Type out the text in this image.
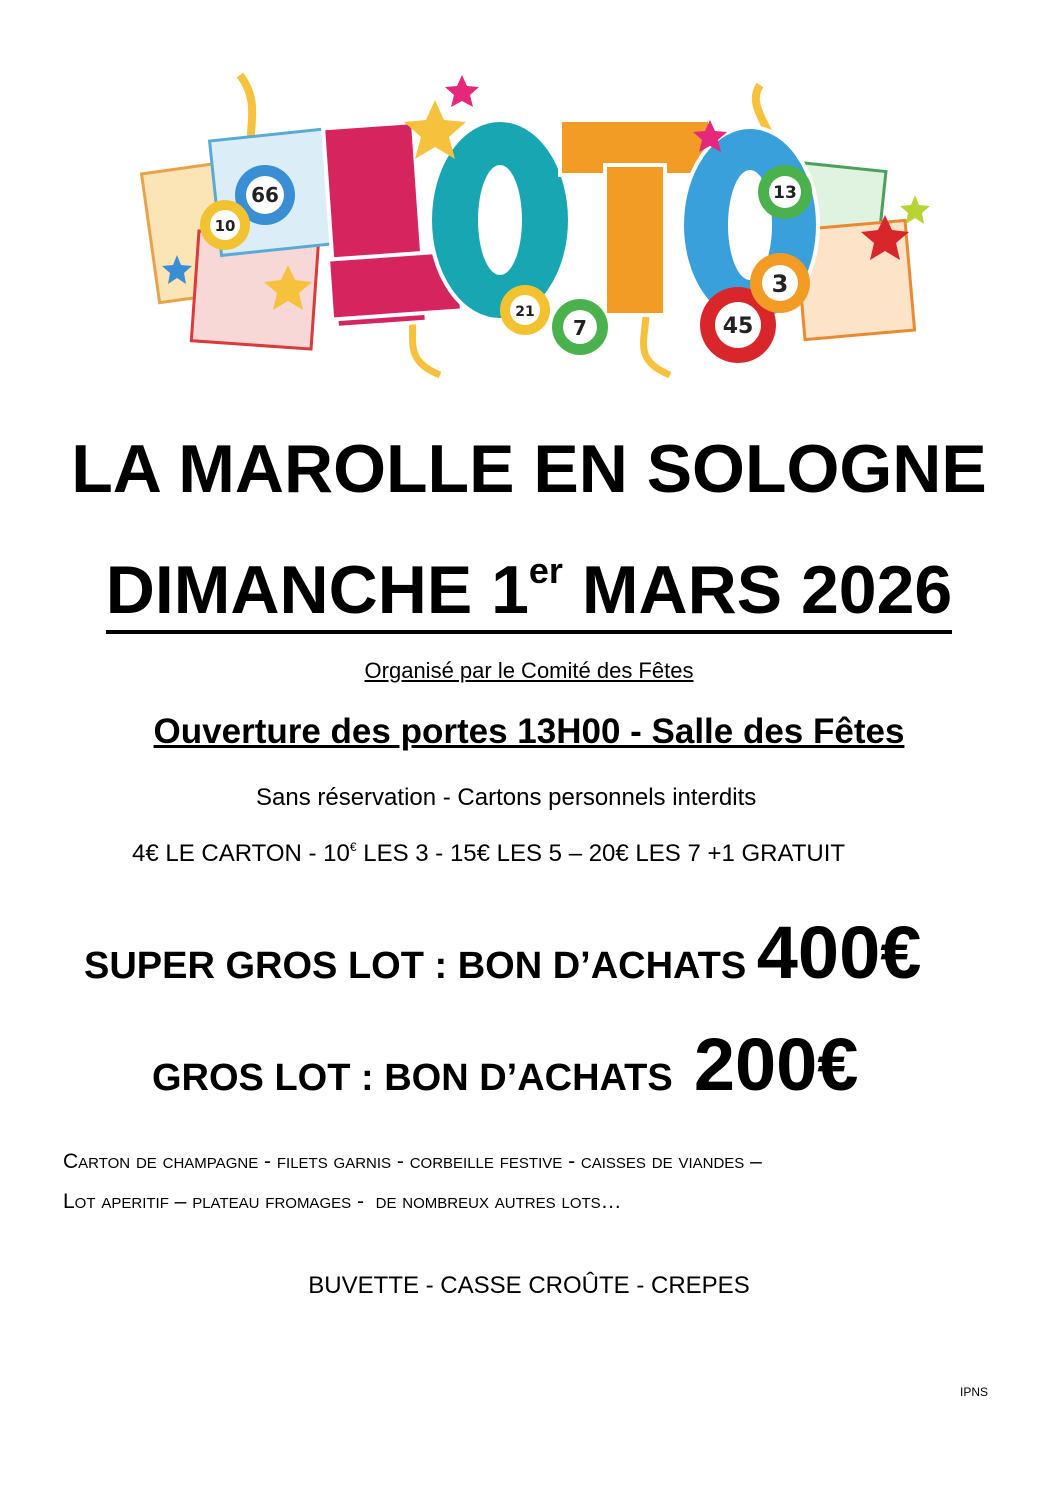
66
10
13
21
7	45
3
LA MAROLLE EN SOLOGNE
DIMANCHE 1er MARS 2026
Organisé par le Comité des Fêtes
Ouverture des portes 13H00 - Salle des Fêtes
Sans réservation - Cartons personnels interdits
4€ LE CARTON - 10€ LES 3 - 15€ LES 5 – 20€ LES 7 +1 GRATUIT
SUPER GROS LOT : BON D’ACHATS 400€
GROS LOT : BON D’ACHATS  200€
Carton de champagne - filets garnis - corbeille festive - caisses de viandes –
Lot aperitif – plateau fromages -  de nombreux autres lots…
BUVETTE - CASSE CROÛTE - CREPES
IPNS
